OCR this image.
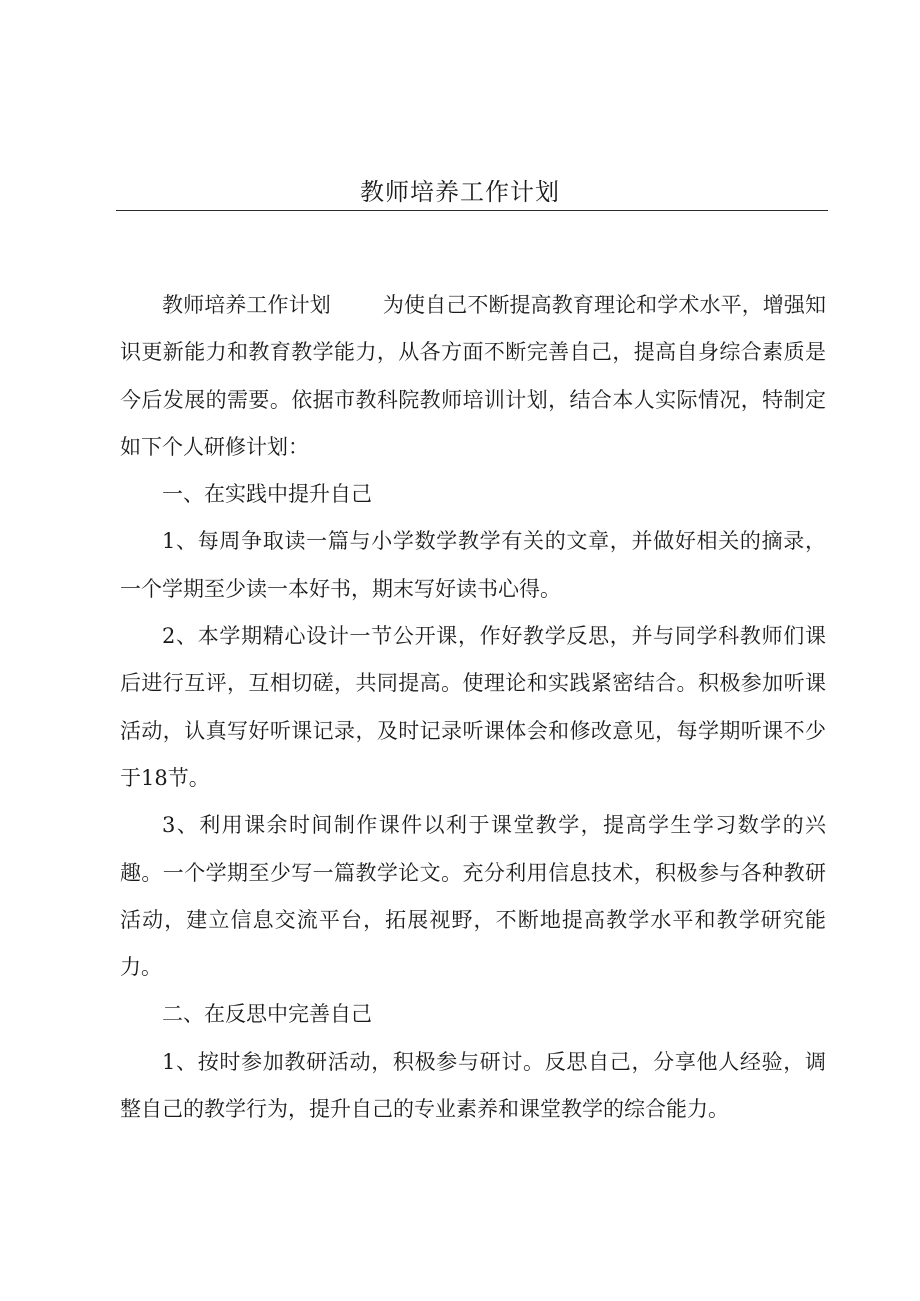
教师培养工作计划

教师培养工作计划 为使自己不断提高教育理论和学术水平，增强知识更新能力和教育教学能力，从各方面不断完善自己，提高自身综合素质是今后发展的需要。依据市教科院教师培训计划，结合本人实际情况，特制定如下个人研修计划：

一、在实践中提升自己

1、每周争取读一篇与小学数学教学有关的文章，并做好相关的摘录，一个学期至少读一本好书，期末写好读书心得。

2、本学期精心设计一节公开课，作好教学反思，并与同学科教师们课后进行互评，互相切磋，共同提高。使理论和实践紧密结合。积极参加听课活动，认真写好听课记录，及时记录听课体会和修改意见，每学期听课不少于18节。

3、利用课余时间制作课件以利于课堂教学，提高学生学习数学的兴趣。一个学期至少写一篇教学论文。充分利用信息技术，积极参与各种教研活动，建立信息交流平台，拓展视野，不断地提高教学水平和教学研究能力。

二、在反思中完善自己

1、按时参加教研活动，积极参与研讨。反思自己，分享他人经验，调整自己的教学行为，提升自己的专业素养和课堂教学的综合能力。
